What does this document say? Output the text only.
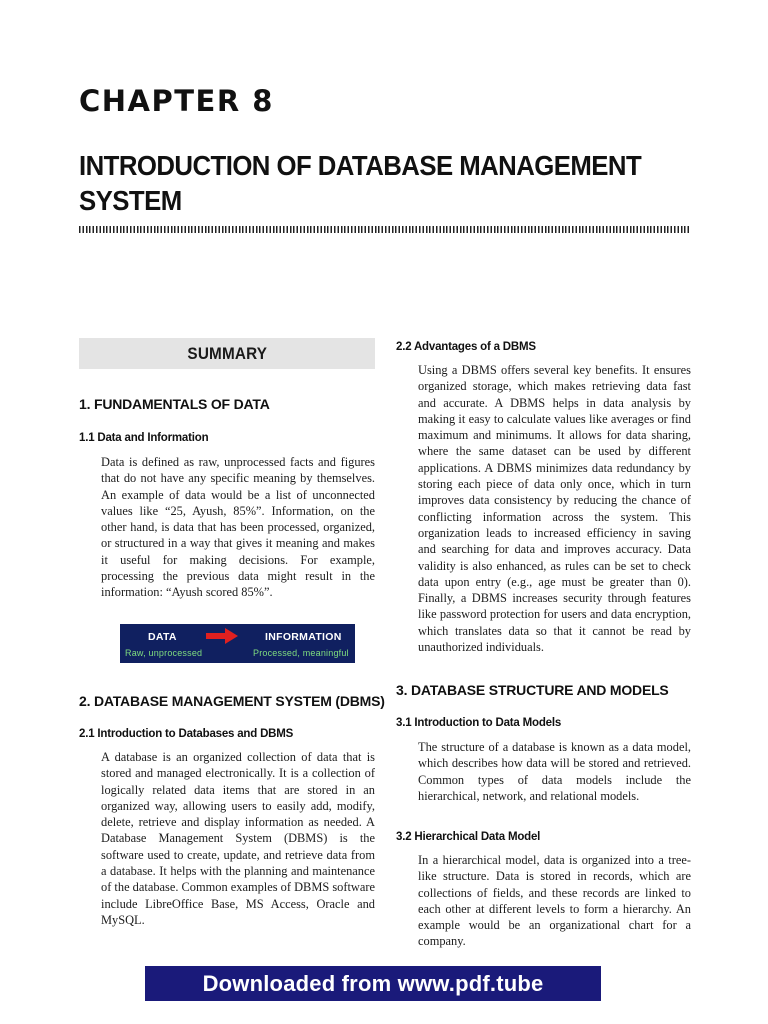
CHAPTER 8
INTRODUCTION OF DATABASE MANAGEMENT SYSTEM
SUMMARY
1. FUNDAMENTALS OF DATA
1.1 Data and Information

Data is defined as raw, unprocessed facts and figures that do not have any specific meaning by themselves. An example of data would be a list of unconnected values like “25, Ayush, 85%”. Information, on the other hand, is data that has been processed, organized, or structured in a way that gives it meaning and makes it useful for making decisions. For example, processing the previous data might result in the information: “Ayush scored 85%”.

DATA
Raw, unprocessed
INFORMATION
Processed, meaningful
2. DATABASE MANAGEMENT SYSTEM (DBMS)
2.1 Introduction to Databases and DBMS

A database is an organized collection of data that is stored and managed electronically. It is a collection of logically related data items that are stored in an organized way, allowing users to easily add, modify, delete, retrieve and display information as needed. A Database Management System (DBMS) is the software used to create, update, and retrieve data from a database. It helps with the planning and maintenance of the database. Common examples of DBMS software include LibreOffice Base, MS Access, Oracle and MySQL.

2.2 Advantages of a DBMS

Using a DBMS offers several key benefits. It ensures organized storage, which makes retrieving data fast and accurate. A DBMS helps in data analysis by making it easy to calculate values like averages or find maximum and minimums. It allows for data sharing, where the same dataset can be used by different applications. A DBMS minimizes data redundancy by storing each piece of data only once, which in turn improves data consistency by reducing the chance of conflicting information across the system. This organization leads to increased efficiency in saving and searching for data and improves accuracy. Data validity is also enhanced, as rules can be set to check data upon entry (e.g., age must be greater than 0). Finally, a DBMS increases security through features like password protection for users and data encryption, which translates data so that it cannot be read by unauthorized individuals.

3. DATABASE STRUCTURE AND MODELS
3.1 Introduction to Data Models

The structure of a database is known as a data model, which describes how data will be stored and retrieved. Common types of data models include the hierarchical, network, and relational models.

3.2 Hierarchical Data Model

In a hierarchical model, data is organized into a tree-like structure. Data is stored in records, which are collections of fields, and these records are linked to each other at different levels to form a hierarchy. An example would be an organizational chart for a company.

Downloaded from www.pdf.tube
